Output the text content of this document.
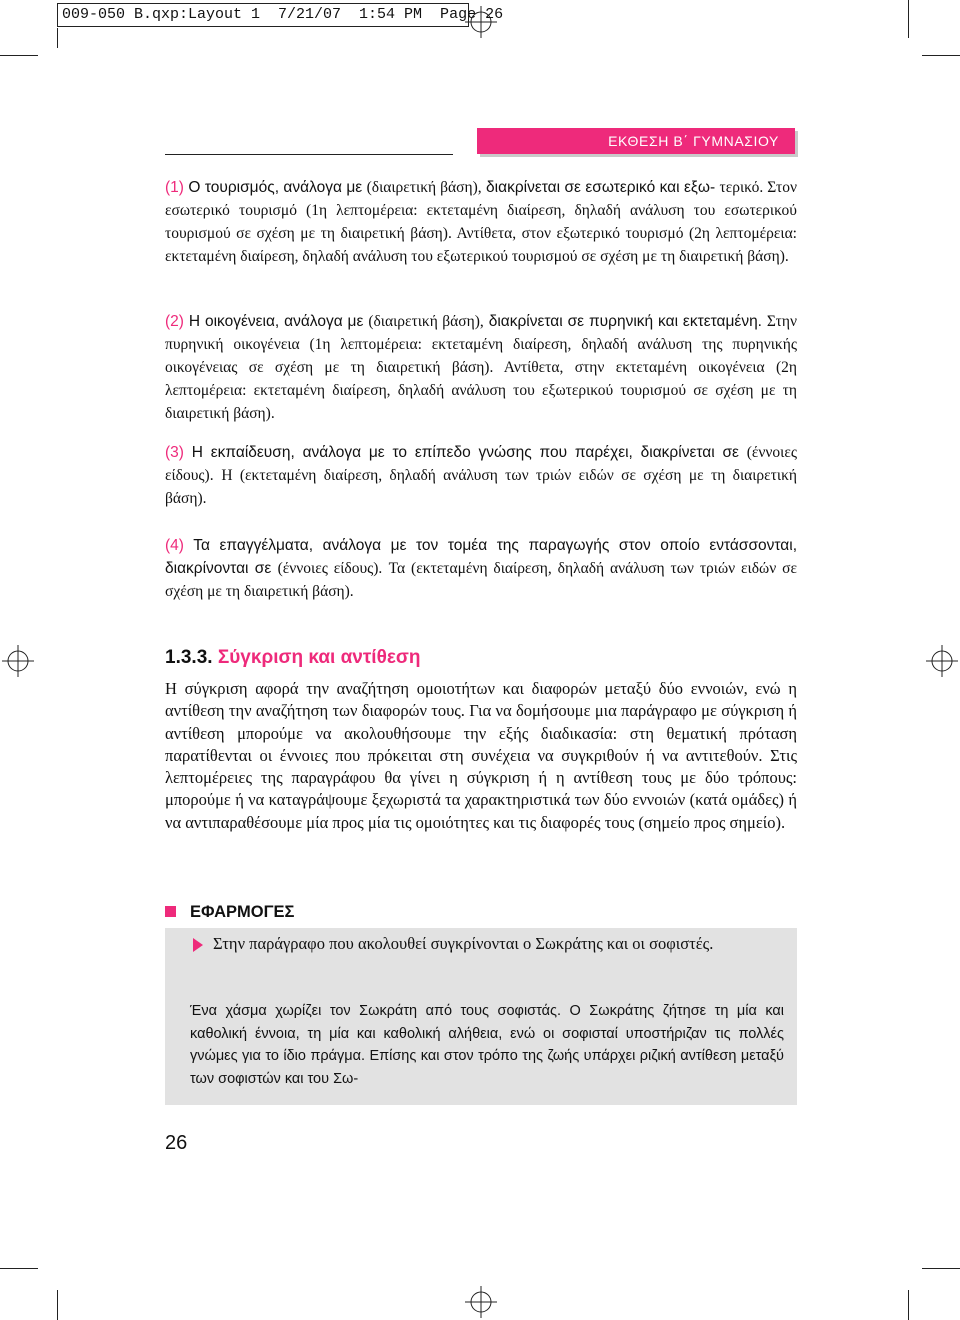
009-050 B.qxp:Layout 1  7/21/07  1:54 PM  Page 26
ΕΚΘΕΣΗ Β΄ ΓΥΜΝΑΣΙΟΥ

(1) Ο τουρισμός, ανάλογα με (διαιρετική βάση), διακρίνεται σε εσωτερικό και εξω- τερικό. Στον εσωτερικό τουρισμό (1η λεπτομέρεια: εκτεταμένη διαίρεση, δηλαδή ανάλυση του εσωτερικού τουρισμού σε σχέση με τη διαιρετική βάση). Αντίθετα, στον εξωτερικό τουρισμό (2η λεπτομέρεια: εκτεταμένη διαίρεση, δηλαδή ανάλυση του εξωτερικού τουρισμού σε σχέση με τη διαιρετική βάση).

(2) Η οικογένεια, ανάλογα με (διαιρετική βάση), διακρίνεται σε πυρηνική και εκτεταμένη. Στην πυρηνική οικογένεια (1η λεπτομέρεια: εκτεταμένη διαίρεση, δηλαδή ανάλυση της πυρηνικής οικογένειας σε σχέση με τη διαιρετική βάση). Αντίθετα, στην εκτεταμένη οικογένεια (2η λεπτομέρεια: εκτεταμένη διαίρεση, δηλαδή ανάλυση του εξωτερικού τουρισμού σε σχέση με τη διαιρετική βάση).

(3) Η εκπαίδευση, ανάλογα με το επίπεδο γνώσης που παρέχει, διακρίνεται σε (έννοιες είδους). Η (εκτεταμένη διαίρεση, δηλαδή ανάλυση των τριών ειδών σε σχέση με τη διαιρετική βάση).

(4) Τα επαγγέλματα, ανάλογα με τον τομέα της παραγωγής στον οποίο εντάσσονται, διακρίνονται σε (έννοιες είδους). Τα (εκτεταμένη διαίρεση, δηλαδή ανάλυση των τριών ειδών σε σχέση με τη διαιρετική βάση).

1.3.3. Σύγκριση και αντίθεση

Η σύγκριση αφορά την αναζήτηση ομοιοτήτων και διαφορών μεταξύ δύο εννοιών, ενώ η αντίθεση την αναζήτηση των διαφορών τους. Για να δομήσουμε μια παράγραφο με σύγκριση ή αντίθεση μπορούμε να ακολουθήσουμε την εξής διαδικασία: στη θεματική πρόταση παρατίθενται οι έννοιες που πρόκειται στη συνέχεια να συγκριθούν ή να αντιτεθούν. Στις λεπτομέρειες της παραγράφου θα γίνει η σύγκριση ή η αντίθεση τους με δύο τρόπους: μπορούμε ή να καταγράψουμε ξεχωριστά τα χαρακτηριστικά των δύο εννοιών (κατά ομάδες) ή να αντιπαραθέσουμε μία προς μία τις ομοιότητες και τις διαφορές τους (σημείο προς σημείο).

ΕΦΑΡΜΟΓΕΣ

Στην παράγραφο που ακολουθεί συγκρίνονται ο Σωκράτης και οι σοφιστές.

Ένα χάσμα χωρίζει τον Σωκράτη από τους σοφιστάς. Ο Σωκράτης ζήτησε τη μία και καθολική έννοια, τη μία και καθολική αλήθεια, ενώ οι σοφισταί υποστήριζαν τις πολλές γνώμες για το ίδιο πράγμα. Επίσης και στον τρόπο της ζωής υπάρχει ριζική αντίθεση μεταξύ των σοφιστών και του Σω-

26
